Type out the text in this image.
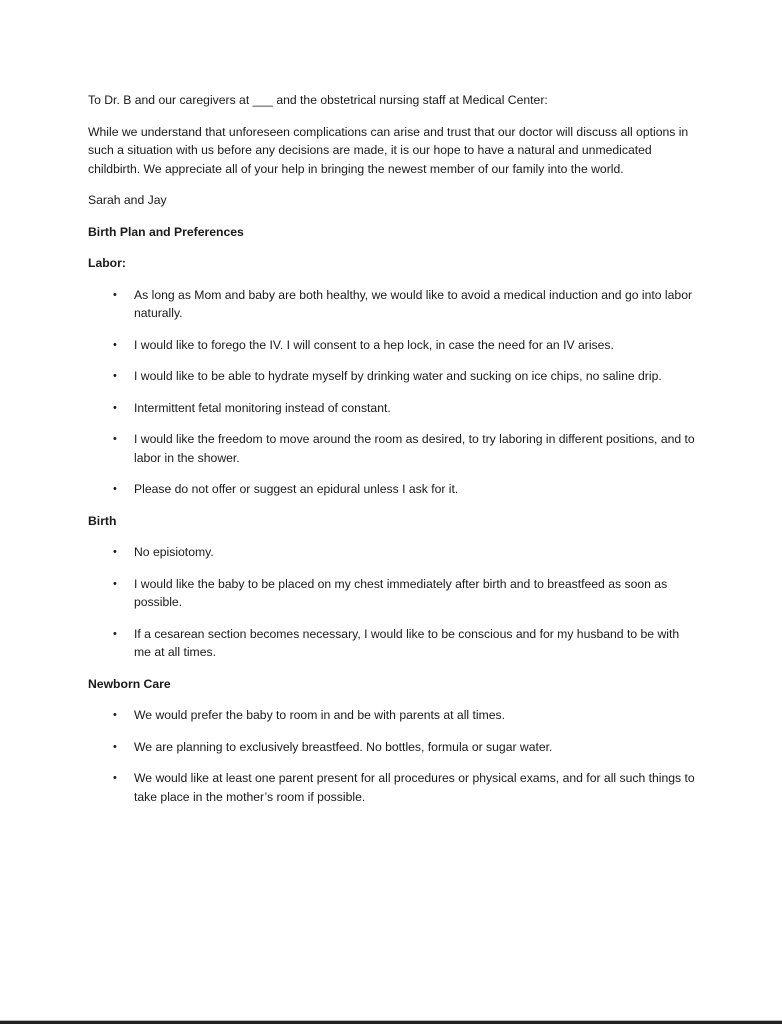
To Dr. B and our caregivers at ___ and the obstetrical nursing staff at Medical Center:

While we understand that unforeseen complications can arise and trust that our doctor will discuss all options in such a situation with us before any decisions are made, it is our hope to have a natural and unmedicated childbirth. We appreciate all of your help in bringing the newest member of our family into the world.

Sarah and Jay

Birth Plan and Preferences

Labor:

• As long as Mom and baby are both healthy, we would like to avoid a medical induction and go into labor naturally.
• I would like to forego the IV. I will consent to a hep lock, in case the need for an IV arises.
• I would like to be able to hydrate myself by drinking water and sucking on ice chips, no saline drip.
• Intermittent fetal monitoring instead of constant.
• I would like the freedom to move around the room as desired, to try laboring in different positions, and to labor in the shower.
• Please do not offer or suggest an epidural unless I ask for it.

Birth

• No episiotomy.
• I would like the baby to be placed on my chest immediately after birth and to breastfeed as soon as possible.
• If a cesarean section becomes necessary, I would like to be conscious and for my husband to be with me at all times.

Newborn Care

• We would prefer the baby to room in and be with parents at all times.
• We are planning to exclusively breastfeed. No bottles, formula or sugar water.
• We would like at least one parent present for all procedures or physical exams, and for all such things to take place in the mother’s room if possible.
